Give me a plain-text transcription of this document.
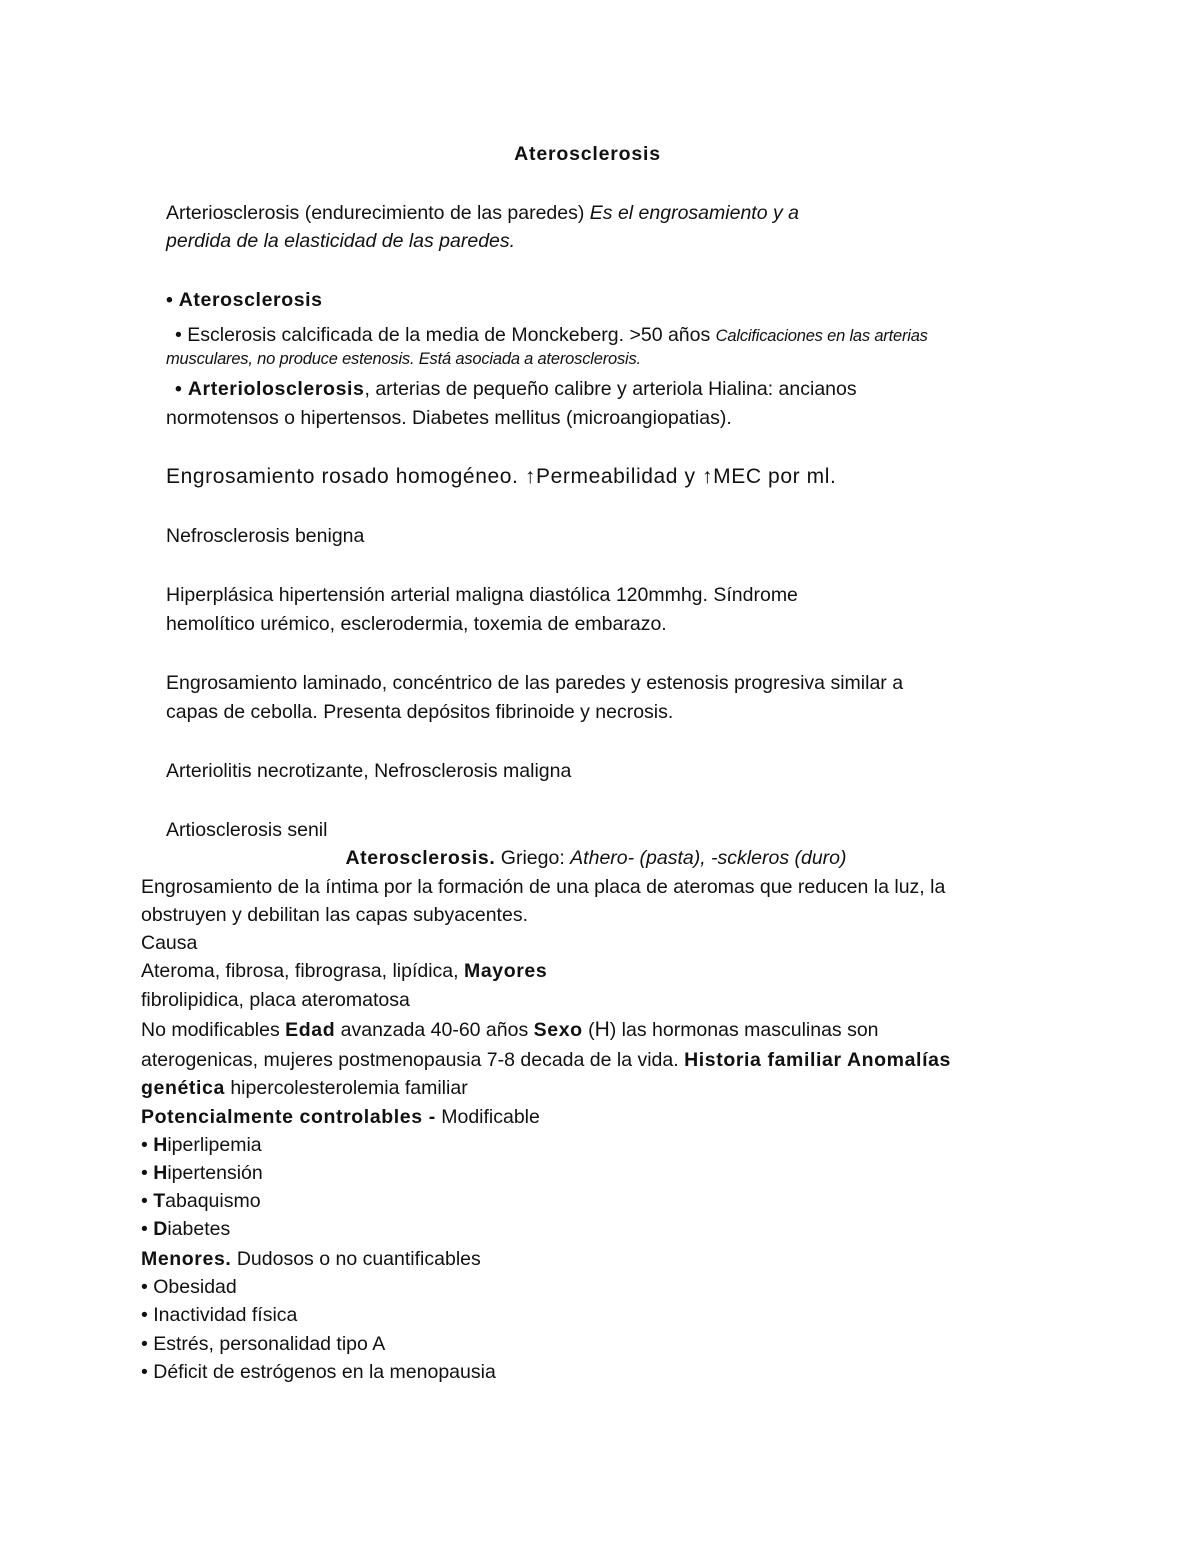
Aterosclerosis
Arteriosclerosis (endurecimiento de las paredes) Es el engrosamiento y a
perdida de la elasticidad de las paredes.
• Aterosclerosis
• Esclerosis calcificada de la media de Monckeberg. >50 años Calcificaciones en las arterias
musculares, no produce estenosis. Está asociada a aterosclerosis.
• Arteriolosclerosis, arterias de pequeño calibre y arteriola Hialina: ancianos
normotensos o hipertensos. Diabetes mellitus (microangiopatias).
Engrosamiento rosado homogéneo. ↑Permeabilidad y ↑MEC por ml.
Nefrosclerosis benigna
Hiperplásica hipertensión arterial maligna diastólica 120mmhg. Síndrome
hemolítico urémico, esclerodermia, toxemia de embarazo.
Engrosamiento laminado, concéntrico de las paredes y estenosis progresiva similar a
capas de cebolla. Presenta depósitos fibrinoide y necrosis.
Arteriolitis necrotizante, Nefrosclerosis maligna
Artiosclerosis senil
Aterosclerosis. Griego: Athero- (pasta), -sckleros (duro)
Engrosamiento de la íntima por la formación de una placa de ateromas que reducen la luz, la
obstruyen y debilitan las capas subyacentes.
Causa
Ateroma, fibrosa, fibrograsa, lipídica, Mayores
fibrolipidica, placa ateromatosa
No modificables Edad avanzada 40-60 años Sexo (H) las hormonas masculinas son
aterogenicas, mujeres postmenopausia 7-8 decada de la vida. Historia familiar Anomalías
genética hipercolesterolemia familiar
Potencialmente controlables - Modificable
• Hiperlipemia
• Hipertensión
• Tabaquismo
• Diabetes
Menores. Dudosos o no cuantificables
• Obesidad
• Inactividad física
• Estrés, personalidad tipo A
• Déficit de estrógenos en la menopausia
